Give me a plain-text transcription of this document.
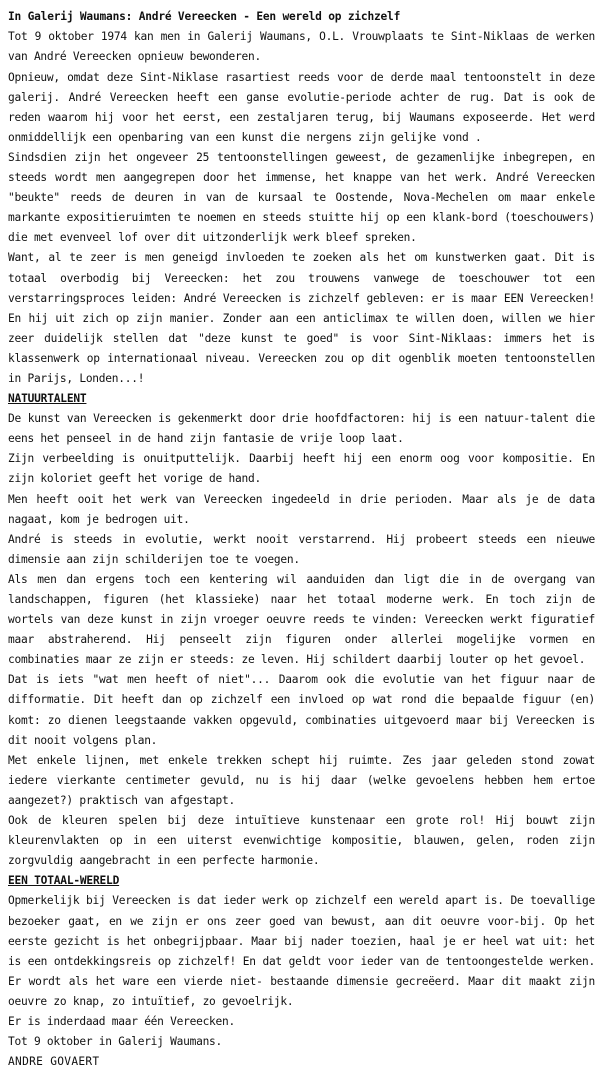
In Galerij Waumans: André Vereecken - Een wereld op zichzelf

Tot 9 oktober 1974 kan men in Galerij Waumans, O.L. Vrouwplaats te Sint-Niklaas de werken van André Vereecken opnieuw bewonderen.

Opnieuw, omdat deze Sint-Niklase rasartiest reeds voor de derde maal tentoonstelt in deze galerij. André Vereecken heeft een ganse evolutie-periode achter de rug. Dat is ook de reden waarom hij voor het eerst, een zestaljaren terug, bij Waumans exposeerde. Het werd onmiddellijk een openbaring van een kunst die nergens zijn gelijke vond .

Sindsdien zijn het ongeveer 25 tentoonstellingen geweest, de gezamenlijke inbegrepen, en steeds wordt men aangegrepen door het immense, het knappe van het werk. André Vereecken "beukte" reeds de deuren in van de kursaal te Oostende, Nova-Mechelen om maar enkele markante expositieruimten te noemen en steeds stuitte hij op een klank-bord (toeschouwers) die met evenveel lof over dit uitzonderlijk werk bleef spreken.

Want, al te zeer is men geneigd invloeden te zoeken als het om kunstwerken gaat. Dit is totaal overbodig bij Vereecken: het zou trouwens vanwege de toeschouwer tot een verstarringsproces leiden: André Vereecken is zichzelf gebleven: er is maar EEN Vereecken! En hij uit zich op zijn manier. Zonder aan een anticlimax te willen doen, willen we hier zeer duidelijk stellen dat "deze kunst te goed" is voor Sint-Niklaas: immers het is klassenwerk op internationaal niveau. Vereecken zou op dit ogenblik moeten tentoonstellen in Parijs, Londen...!

NATUURTALENT

De kunst van Vereecken is gekenmerkt door drie hoofdfactoren: hij is een natuur-talent die eens het penseel in de hand zijn fantasie de vrije loop laat.

Zijn verbeelding is onuitputtelijk. Daarbij heeft hij een enorm oog voor kompositie. En zijn koloriet geeft het vorige de hand.

Men heeft ooit het werk van Vereecken ingedeeld in drie perioden. Maar als je de data nagaat, kom je bedrogen uit.

André is steeds in evolutie, werkt nooit verstarrend. Hij probeert steeds een nieuwe dimensie aan zijn schilderijen toe te voegen.

Als men dan ergens toch een kentering wil aanduiden dan ligt die in de overgang van landschappen, figuren (het klassieke) naar het totaal moderne werk. En toch zijn de wortels van deze kunst in zijn vroeger oeuvre reeds te vinden: Vereecken werkt figuratief maar abstraherend. Hij penseelt zijn figuren onder allerlei mogelijke vormen en combinaties maar ze zijn er steeds: ze leven. Hij schildert daarbij louter op het gevoel.

Dat is iets "wat men heeft of niet"... Daarom ook die evolutie van het figuur naar de difformatie. Dit heeft dan op zichzelf een invloed op wat rond die bepaalde figuur (en) komt: zo dienen leegstaande vakken opgevuld, combinaties uitgevoerd maar bij Vereecken is dit nooit volgens plan.

Met enkele lijnen, met enkele trekken schept hij ruimte. Zes jaar geleden stond zowat iedere vierkante centimeter gevuld, nu is hij daar (welke gevoelens hebben hem ertoe aangezet?) praktisch van afgestapt.

Ook de kleuren spelen bij deze intuïtieve kunstenaar een grote rol! Hij bouwt zijn kleurenvlakten op in een uiterst evenwichtige kompositie, blauwen, gelen, roden zijn zorgvuldig aangebracht in een perfecte harmonie.

EEN TOTAAL-WERELD

Opmerkelijk bij Vereecken is dat ieder werk op zichzelf een wereld apart is. De toevallige bezoeker gaat, en we zijn er ons zeer goed van bewust, aan dit oeuvre voor-bij. Op het eerste gezicht is het onbegrijpbaar. Maar bij nader toezien, haal je er heel wat uit: het is een ontdekkingsreis op zichzelf! En dat geldt voor ieder van de tentoongestelde werken. Er wordt als het ware een vierde niet- bestaande dimensie gecreëerd. Maar dit maakt zijn oeuvre zo knap, zo intuïtief, zo gevoelrijk.

Er is inderdaad maar één Vereecken.

Tot 9 oktober in Galerij Waumans.

ANDRE GOVAERT
